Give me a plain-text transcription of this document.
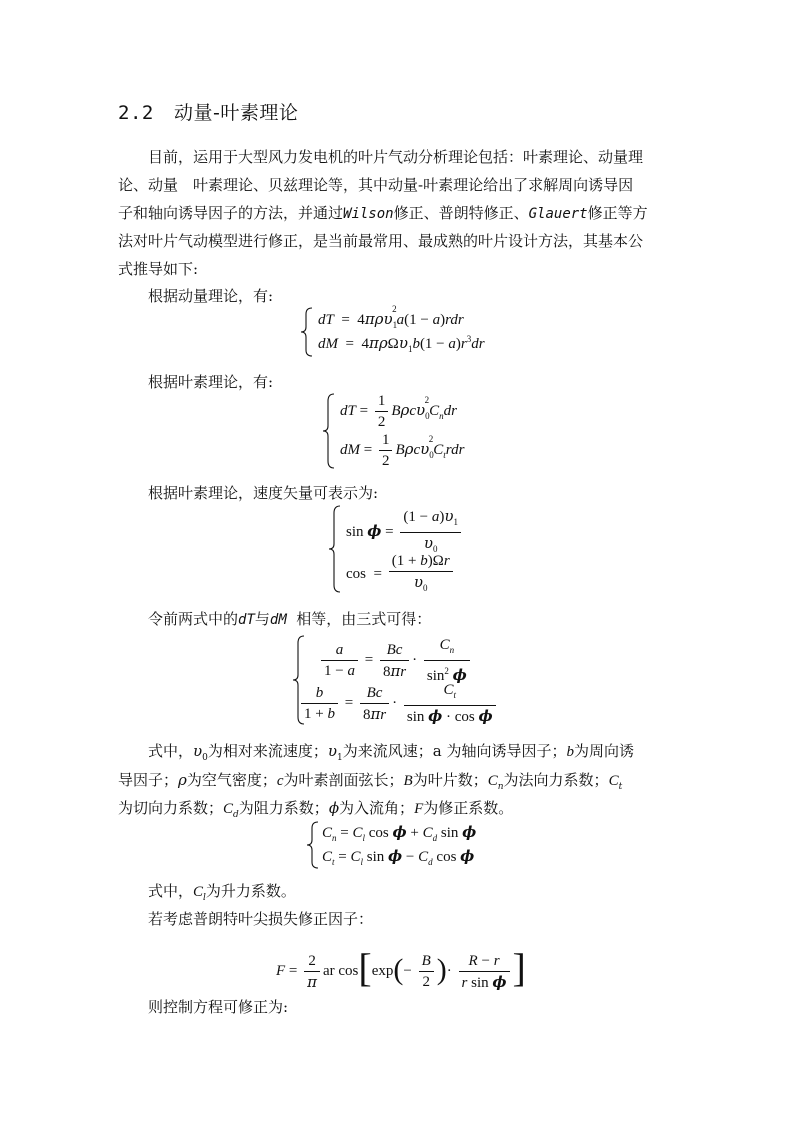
2.2 动量-叶素理论
目前，运用于大型风力发电机的叶片气动分析理论包括：叶素理论、动量理
论、动量　叶素理论、贝兹理论等，其中动量-叶素理论给出了求解周向诱导因
子和轴向诱导因子的方法，并通过Wilson修正、普朗特修正、Glauert修正等方
法对叶片气动模型进行修正，是当前最常用、最成熟的叶片设计方法，其基本公
式推导如下:
根据动量理论，有:
dT  =  4πρυ$_1^2$a(1 − a)rdr
dM  =  $4\pi\rho\Omega\upsilon_1b(1 - a)r^3dr$
根据叶素理论，有:
dT = $\frac{1}{2} B\rho c\upsilon_0^2C_ndr$
dM = $\frac{1}{2} B\rho c\upsilon_0^2C_trdr$
根据叶素理论，速度矢量可表示为:
$\sin \phi = \frac{(1 - a)\upsilon_1}{\upsilon_0}$
$\cos = \frac{(1 + b)\Omega r}{\upsilon_0}$
令前两式中的dT与dM 相等，由三式可得：
$\frac{a}{1 - a} = \frac{Bc}{8\pi r} \cdot \frac{C_n}{\sin^2 \phi}$
$\frac{b}{1 + b} = \frac{Bc}{8\pi r} \cdot \frac{C_t}{\text{sin ϕ · cos ϕ}}$
式中，$\upsilon_0$为相对来流速度；$\upsilon_1$为来流风速；a 为轴向诱导因子；b为周向诱
导因子；ρ为空气密度；c为叶素剖面弦长；B为叶片数；$C_n$为法向力系数；$C_t$
为切向力系数；$C_d$为阻力系数；ϕ为入流角；F为修正系数。
$C_n = C_l$ $\cos \phi + C_d$ sin ϕ
$C_t = C_l$ $\sin \phi - C_d$ cos ϕ
式中，$C_l$为升力系数。
若考虑普朗特叶尖损失修正因子：
$F = \frac{2}{\pi}$ ar $\cos[\exp(- \frac{B}{2}$ )· $\frac{R - r}{\text{r sin ϕ}}$ ]
则控制方程可修正为:
